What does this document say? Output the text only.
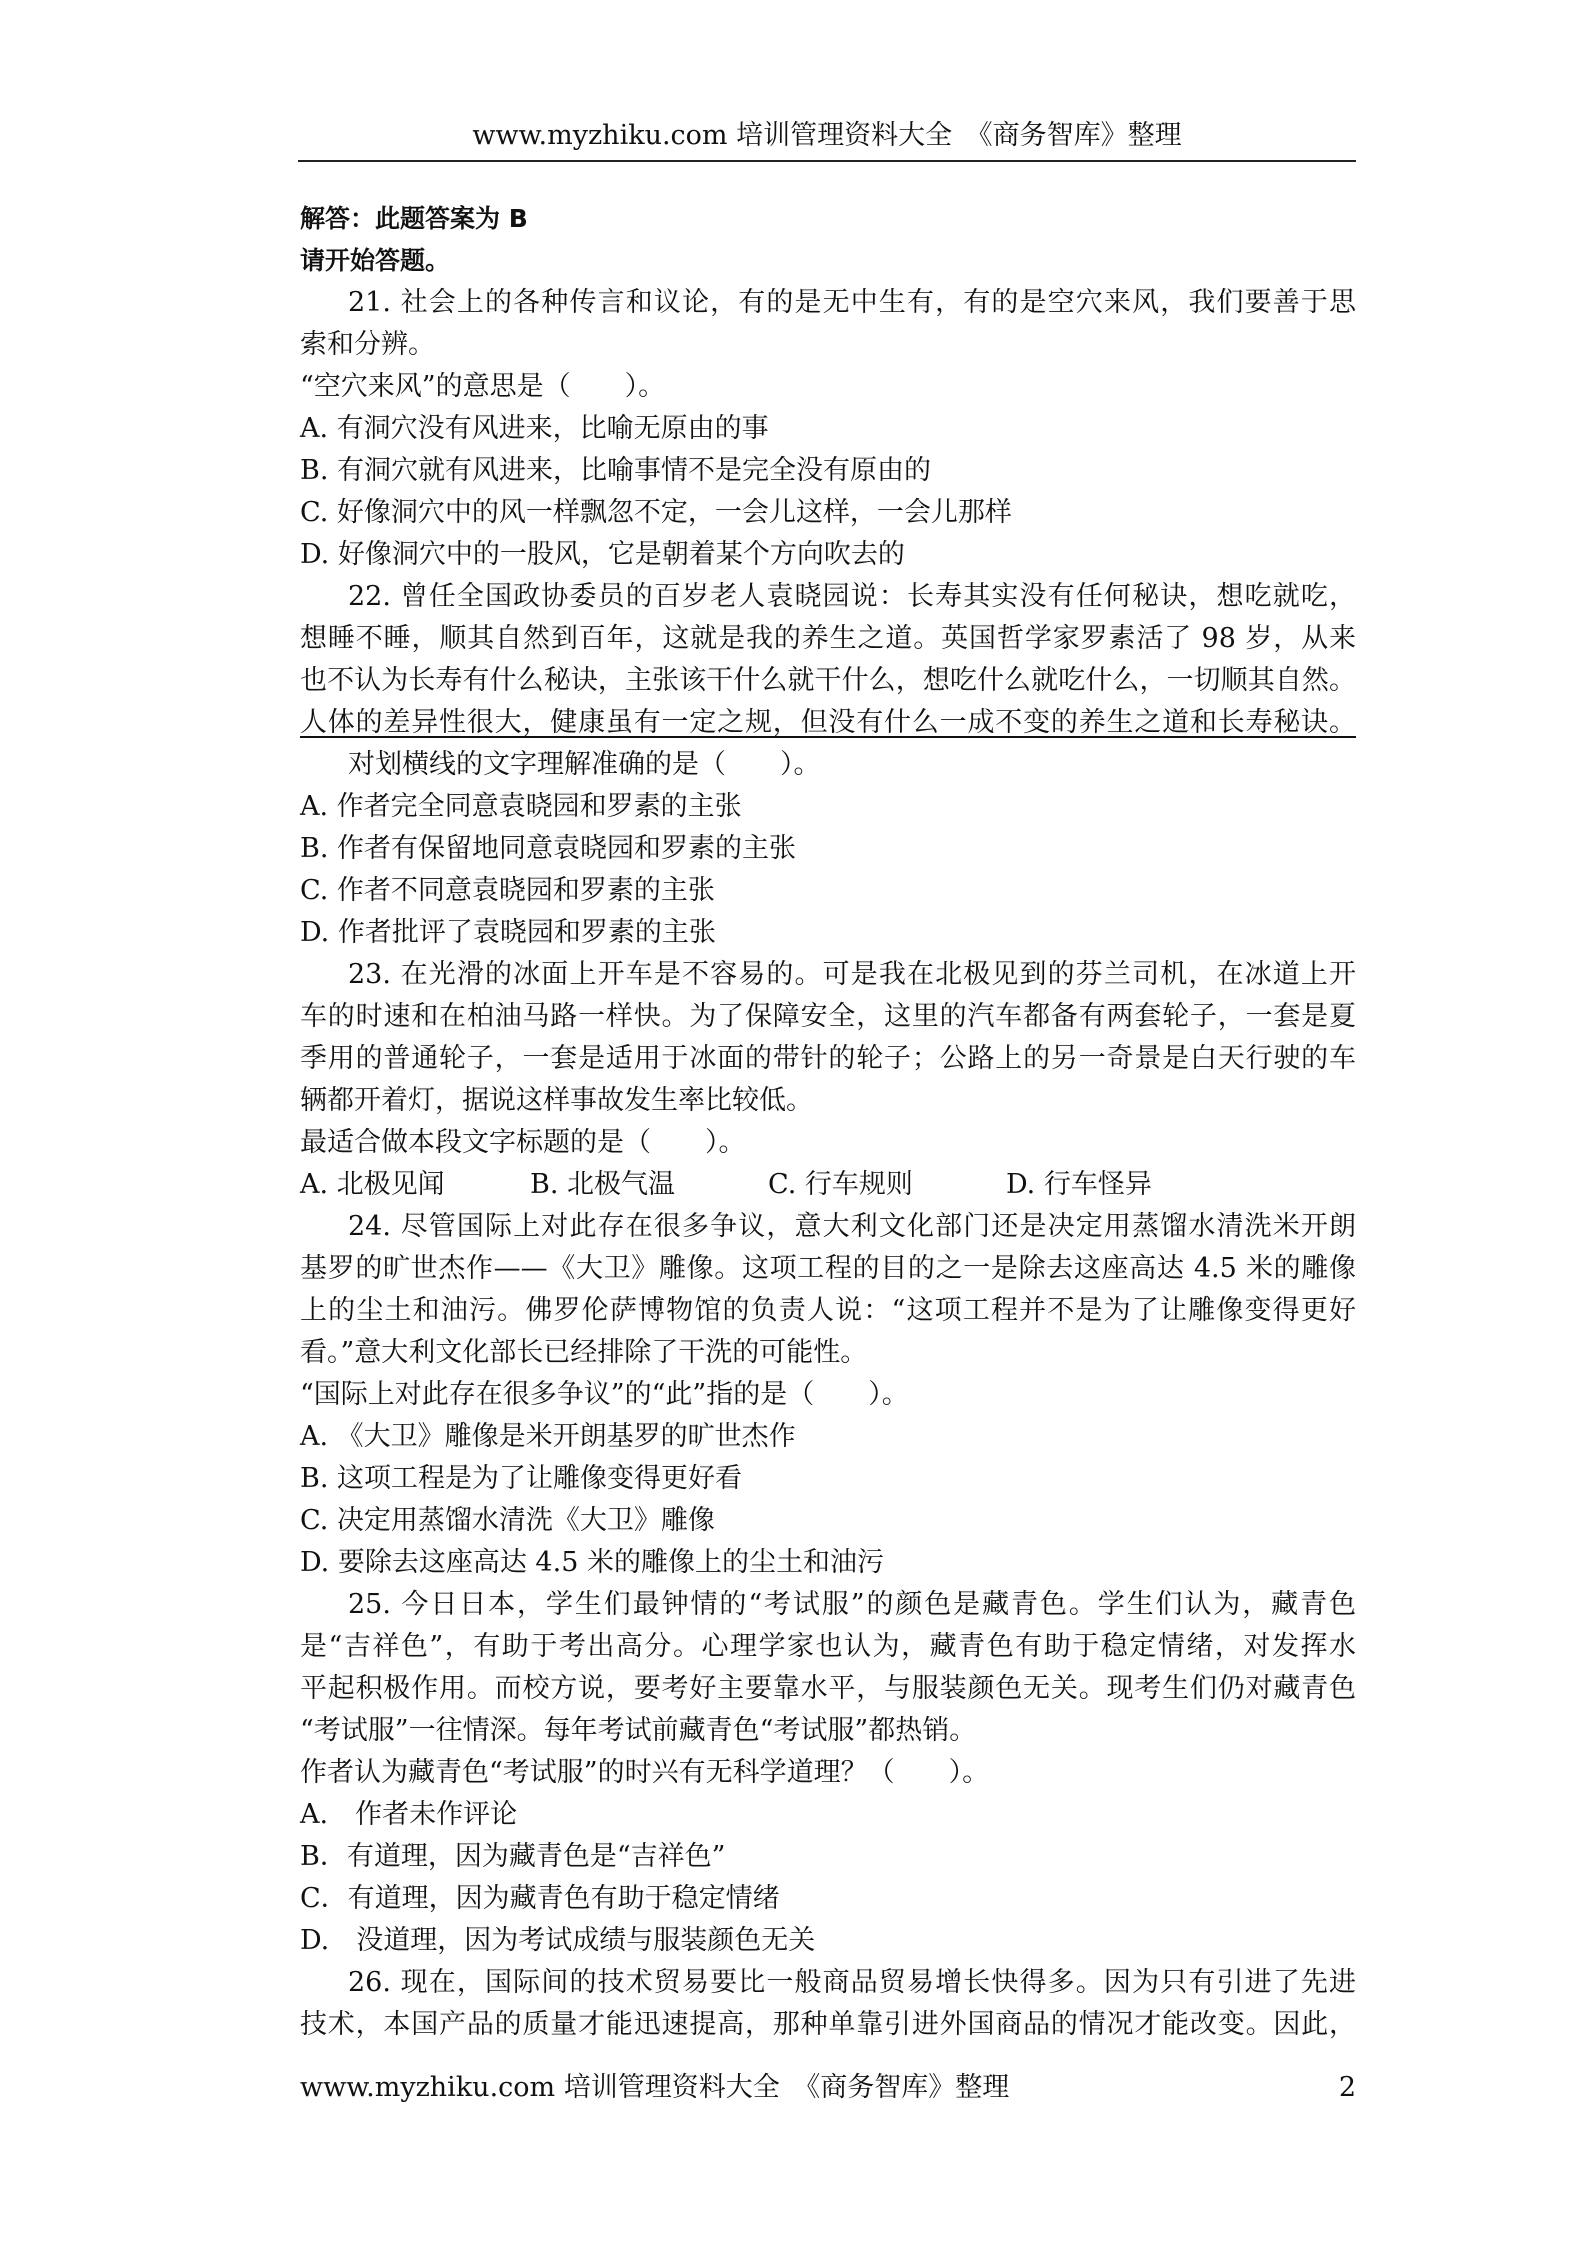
www.myzhiku.com 培训管理资料大全　《商务智库》整理

解答：此题答案为 B

请开始答题。

21. 社会上的各种传言和议论，有的是无中生有，有的是空穴来风，我们要善于思

索和分辨。

“空穴来风”的意思是（　　）。

A. 有洞穴没有风进来，比喻无原由的事

B. 有洞穴就有风进来，比喻事情不是完全没有原由的

C. 好像洞穴中的风一样飘忽不定，一会儿这样，一会儿那样

D. 好像洞穴中的一股风，它是朝着某个方向吹去的

22. 曾任全国政协委员的百岁老人袁晓园说：长寿其实没有任何秘诀，想吃就吃，

想睡不睡，顺其自然到百年，这就是我的养生之道。英国哲学家罗素活了 98 岁，从来

也不认为长寿有什么秘诀，主张该干什么就干什么，想吃什么就吃什么，一切顺其自然。

人体的差异性很大，健康虽有一定之规，但没有什么一成不变的养生之道和长寿秘诀。

对划横线的文字理解准确的是（　　）。

A. 作者完全同意袁晓园和罗素的主张

B. 作者有保留地同意袁晓园和罗素的主张

C. 作者不同意袁晓园和罗素的主张

D. 作者批评了袁晓园和罗素的主张

23. 在光滑的冰面上开车是不容易的。可是我在北极见到的芬兰司机，在冰道上开

车的时速和在柏油马路一样快。为了保障安全，这里的汽车都备有两套轮子，一套是夏

季用的普通轮子，一套是适用于冰面的带针的轮子；公路上的另一奇景是白天行驶的车

辆都开着灯，据说这样事故发生率比较低。

最适合做本段文字标题的是（　　）。

A. 北极见闻	B. 北极气温	C. 行车规则	D. 行车怪异

24. 尽管国际上对此存在很多争议，意大利文化部门还是决定用蒸馏水清洗米开朗

基罗的旷世杰作——《大卫》雕像。这项工程的目的之一是除去这座高达 4.5 米的雕像

上的尘土和油污。佛罗伦萨博物馆的负责人说：“这项工程并不是为了让雕像变得更好

看。”意大利文化部长已经排除了干洗的可能性。

“国际上对此存在很多争议”的“此”指的是（　　）。

A. 《大卫》雕像是米开朗基罗的旷世杰作

B. 这项工程是为了让雕像变得更好看

C. 决定用蒸馏水清洗《大卫》雕像

D. 要除去这座高达 4.5 米的雕像上的尘土和油污

25. 今日日本，学生们最钟情的“考试服”的颜色是藏青色。学生们认为，藏青色

是“吉祥色”，有助于考出高分。心理学家也认为，藏青色有助于稳定情绪，对发挥水

平起积极作用。而校方说，要考好主要靠水平，与服装颜色无关。现考生们仍对藏青色

“考试服”一往情深。每年考试前藏青色“考试服”都热销。

作者认为藏青色“考试服”的时兴有无科学道理？（　　）。

A.　作者未作评论

B．有道理，因为藏青色是“吉祥色”

C．有道理，因为藏青色有助于稳定情绪

D.　没道理，因为考试成绩与服装颜色无关

26. 现在，国际间的技术贸易要比一般商品贸易增长快得多。因为只有引进了先进

技术，本国产品的质量才能迅速提高，那种单靠引进外国商品的情况才能改变。因此，

www.myzhiku.com 培训管理资料大全　《商务智库》整理	2
